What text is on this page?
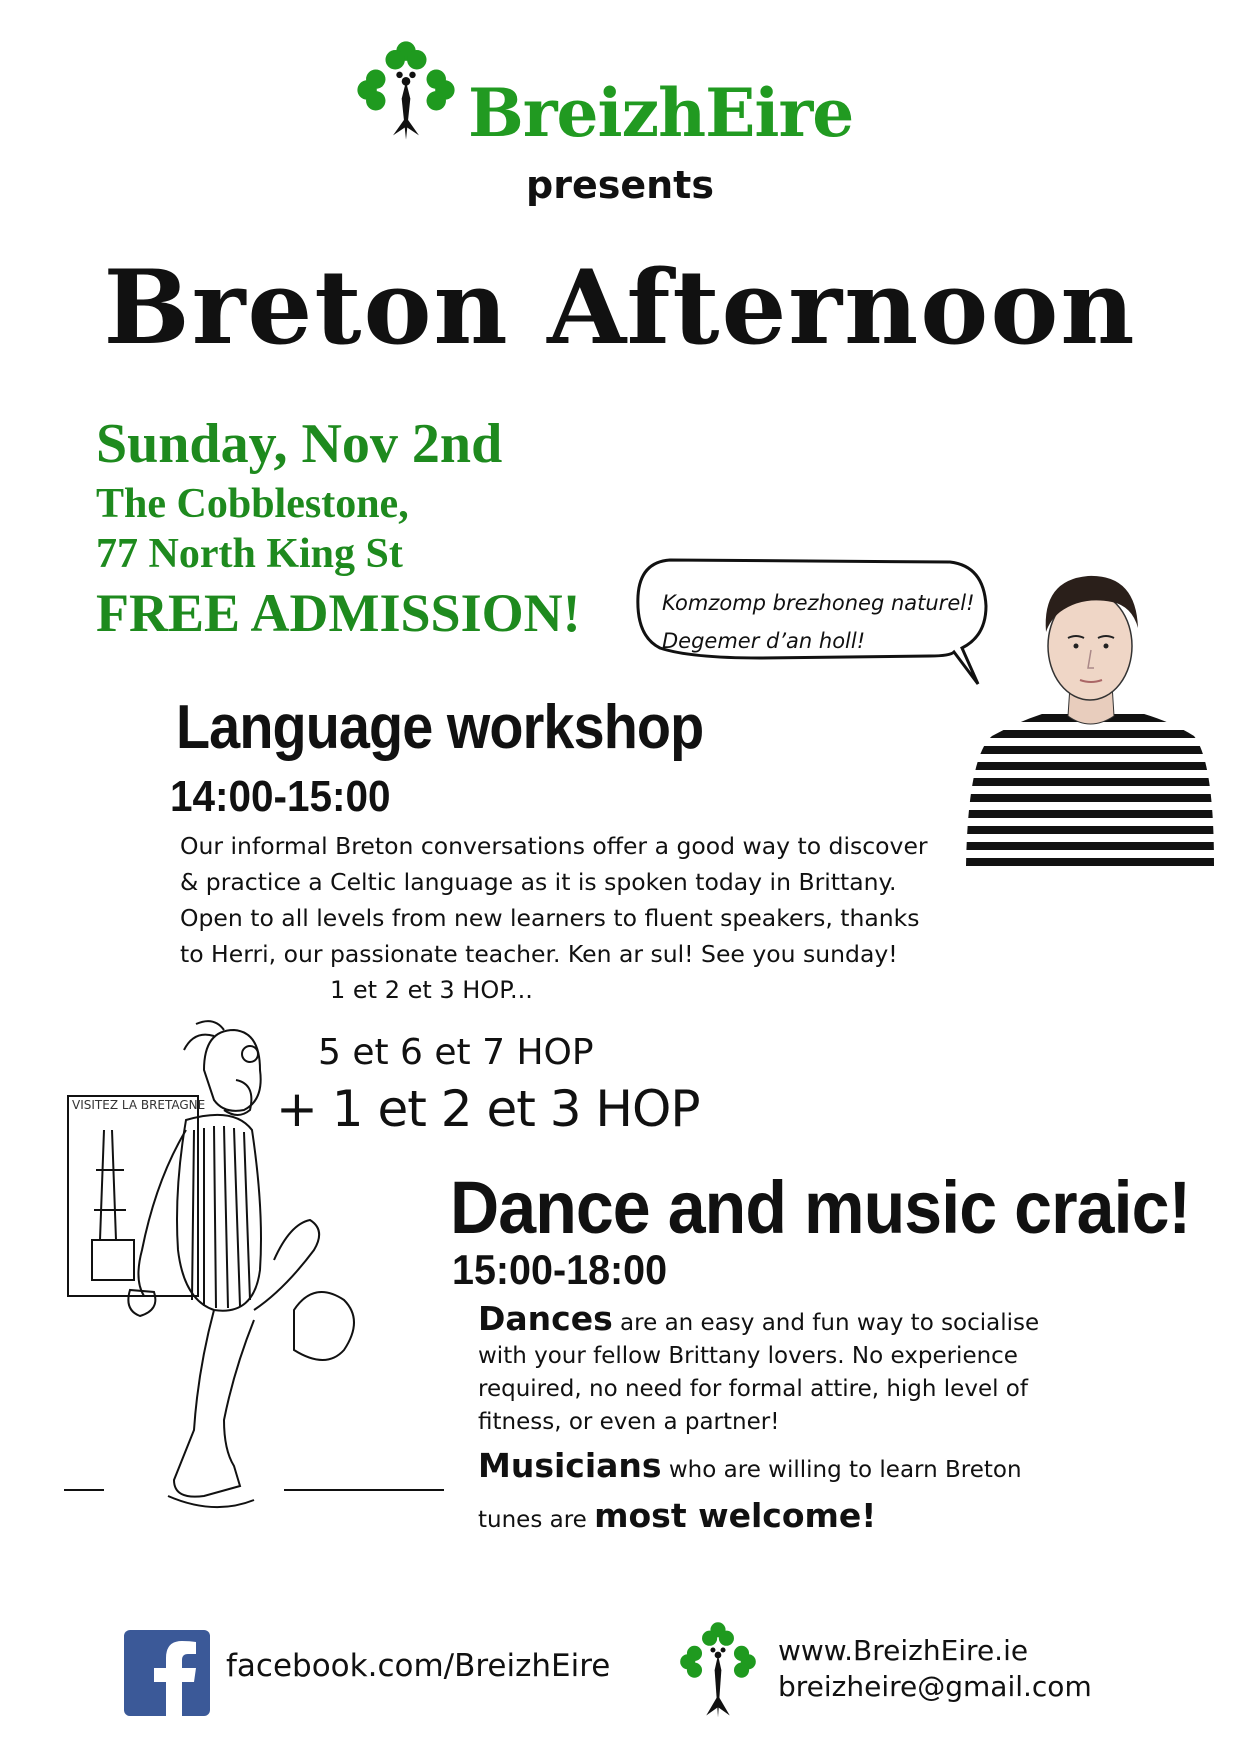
BreizhEire
presents
Breton Afternoon
Sunday, Nov 2nd
The Cobblestone,
77 North King St
FREE ADMISSION!	Komzomp brezhoneg naturel!
Degemer d’an holl!
Language workshop
14:00-15:00
Our informal Breton conversations offer a good way to discover
& practice a Celtic language as it is spoken today in Brittany.
Open to all levels from new learners to fluent speakers, thanks
to Herri, our passionate teacher. Ken ar sul! See you sunday!
1 et 2 et 3 HOP...
5 et 6 et 7 HOP
+ 1 et 2 et 3 HOP
VISITEZ LA BRETAGNE
Dance and music craic!
15:00-18:00

Dances are an easy and fun way to socialise with your fellow Brittany lovers. No experience required, no need for formal attire, high level of fitness, or even a partner!

Musicians who are willing to learn Breton tunes are most welcome!

facebook.com/BreizhEire	www.BreizhEire.ie
breizheire@gmail.com
